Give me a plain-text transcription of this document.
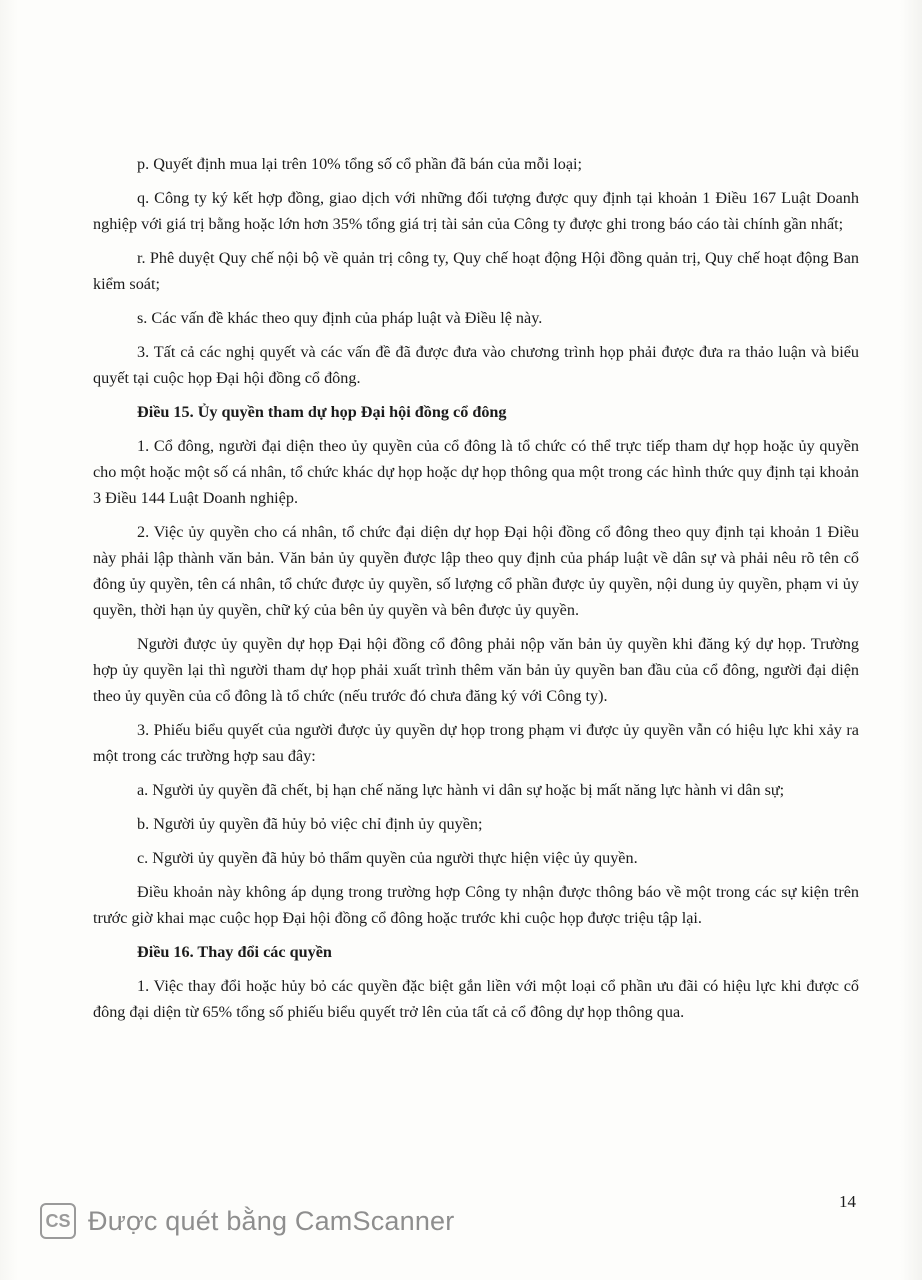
p. Quyết định mua lại trên 10% tổng số cổ phần đã bán của mỗi loại;

q. Công ty ký kết hợp đồng, giao dịch với những đối tượng được quy định tại khoản 1 Điều 167 Luật Doanh nghiệp với giá trị bằng hoặc lớn hơn 35% tổng giá trị tài sản của Công ty được ghi trong báo cáo tài chính gần nhất;

r. Phê duyệt Quy chế nội bộ về quản trị công ty, Quy chế hoạt động Hội đồng quản trị, Quy chế hoạt động Ban kiểm soát;

s. Các vấn đề khác theo quy định của pháp luật và Điều lệ này.

3. Tất cả các nghị quyết và các vấn đề đã được đưa vào chương trình họp phải được đưa ra thảo luận và biểu quyết tại cuộc họp Đại hội đồng cổ đông.

Điều 15. Ủy quyền tham dự họp Đại hội đồng cổ đông

1. Cổ đông, người đại diện theo ủy quyền của cổ đông là tổ chức có thể trực tiếp tham dự họp hoặc ủy quyền cho một hoặc một số cá nhân, tổ chức khác dự họp hoặc dự họp thông qua một trong các hình thức quy định tại khoản 3 Điều 144 Luật Doanh nghiệp.

2. Việc ủy quyền cho cá nhân, tổ chức đại diện dự họp Đại hội đồng cổ đông theo quy định tại khoản 1 Điều này phải lập thành văn bản. Văn bản ủy quyền được lập theo quy định của pháp luật về dân sự và phải nêu rõ tên cổ đông ủy quyền, tên cá nhân, tổ chức được ủy quyền, số lượng cổ phần được ủy quyền, nội dung ủy quyền, phạm vi ủy quyền, thời hạn ủy quyền, chữ ký của bên ủy quyền và bên được ủy quyền.

Người được ủy quyền dự họp Đại hội đồng cổ đông phải nộp văn bản ủy quyền khi đăng ký dự họp. Trường hợp ủy quyền lại thì người tham dự họp phải xuất trình thêm văn bản ủy quyền ban đầu của cổ đông, người đại diện theo ủy quyền của cổ đông là tổ chức (nếu trước đó chưa đăng ký với Công ty).

3. Phiếu biểu quyết của người được ủy quyền dự họp trong phạm vi được ủy quyền vẫn có hiệu lực khi xảy ra một trong các trường hợp sau đây:

a. Người ủy quyền đã chết, bị hạn chế năng lực hành vi dân sự hoặc bị mất năng lực hành vi dân sự;

b. Người ủy quyền đã hủy bỏ việc chỉ định ủy quyền;

c. Người ủy quyền đã hủy bỏ thẩm quyền của người thực hiện việc ủy quyền.

Điều khoản này không áp dụng trong trường hợp Công ty nhận được thông báo về một trong các sự kiện trên trước giờ khai mạc cuộc họp Đại hội đồng cổ đông hoặc trước khi cuộc họp được triệu tập lại.

Điều 16. Thay đổi các quyền

1. Việc thay đổi hoặc hủy bỏ các quyền đặc biệt gắn liền với một loại cổ phần ưu đãi có hiệu lực khi được cổ đông đại diện từ 65% tổng số phiếu biểu quyết trở lên của tất cả cổ đông dự họp thông qua.

14
CS Được quét bằng CamScanner
